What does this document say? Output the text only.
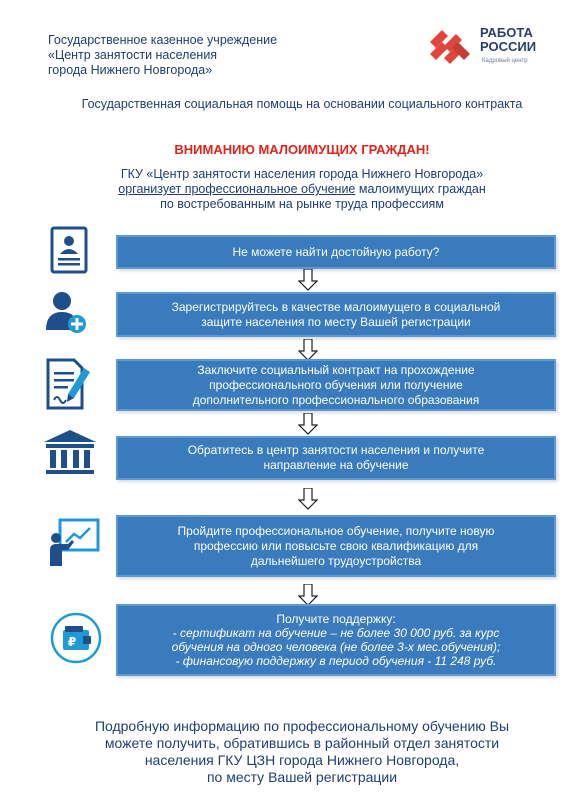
Государственное казенное учреждение
«Центр занятости населения
города Нижнего Новгорода»
РАБОТА
РОССИИ
Кадровый центр
Государственная социальная помощь на основании социального контракта
ВНИМАНИЮ МАЛОИМУЩИХ ГРАЖДАН!
ГКУ «Центр занятости населения города Нижнего Новгорода»
организует профессиональное обучение малоимущих граждан
по востребованным на рынке труда профессиям
₽
Не можете найти достойную работу?
Зарегистрируйтесь в качестве малоимущего в социальной
защите населения по месту Вашей регистрации
Заключите социальный контракт на прохождение
профессионального обучения или получение
дополнительного профессионального образования
Обратитесь в центр занятости населения и получите
направление на обучение
Пройдите профессиональное обучение, получите новую
профессию или повысьте свою квалификацию для
дальнейшего трудоустройства
Получите поддержку:
- сертификат на обучение – не более 30 000 руб. за курс
обучения на одного человека (не более 3-х мес.обучения);
- финансовую поддержку в период обучения - 11 248 руб.
Подробную информацию по профессиональному обучению Вы
можете получить, обратившись в районный отдел занятости
населения ГКУ ЦЗН города Нижнего Новгорода,
по месту Вашей регистрации
